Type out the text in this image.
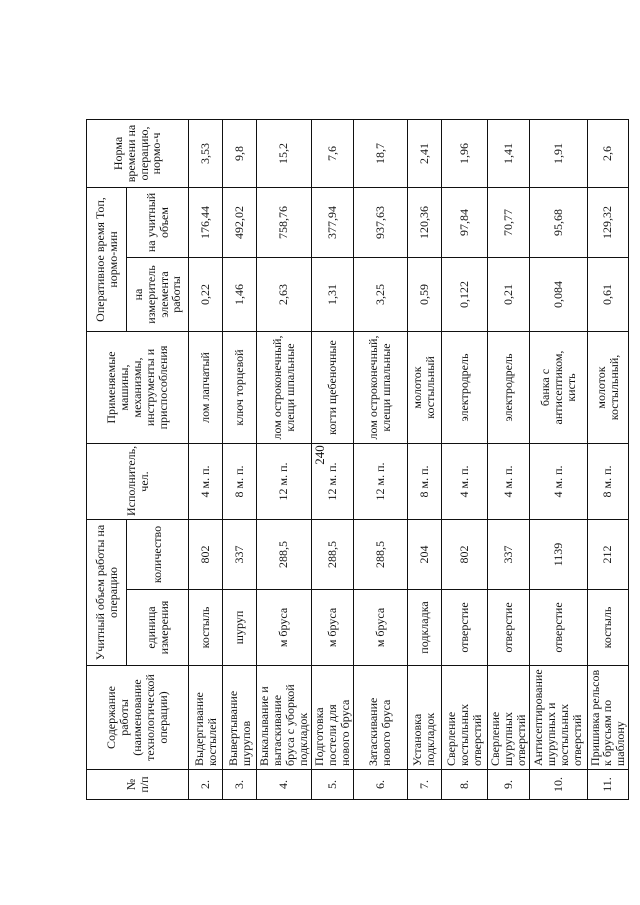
240
№ п/п	Содержание работы (наименование технологической операции)	Учитный объем работы на операцию		Исполнитель, чел.	Применяемые машины, механизмы, инструменты и приспособления	Оперативное время Топ, нормо-мин		Норма времени на операцию, нормо-ч
		единица измерения	количество			на измеритель элемента работы	на учитный объем	
2.	Выдергивание костылей	костыль	802	4 м. п.	лом лапчатый	0,22	176,44	3,53
3.	Вывертывание шурупов	шуруп	337	8 м. п.	ключ торцевой	1,46	492,02	9,8
4.	Выкалывание и вытаскивание бруса с уборкой подкладок	м бруса	288,5	12 м. п.	лом остроконечный, клещи шпальные	2,63	758,76	15,2
5.	Подготовка постели для нового бруса	м бруса	288,5	12 м. п.	когти щебеночные	1,31	377,94	7,6
6.	Затаскивание нового бруса	м бруса	288,5	12 м. п.	лом остроконечный, клещи шпальные	3,25	937,63	18,7
7.	Установка подкладок	подкладка	204	8 м. п.	молоток костыльный	0,59	120,36	2,41
8.	Сверление костыльных отверстий	отверстие	802	4 м. п.	электродрель	0,122	97,84	1,96
9.	Сверление шурупных отверстий	отверстие	337	4 м. п.	электродрель	0,21	70,77	1,41
10.	Антисептирование шурупных и костыльных отверстий	отверстие	1139	4 м. п.	банка с антисептиком, кисть	0,084	95,68	1,91
11.	Пришивка рельсов к брусьям по шаблону	костыль	212	8 м. п.	молоток костыльный,	0,61	129,32	2,6
